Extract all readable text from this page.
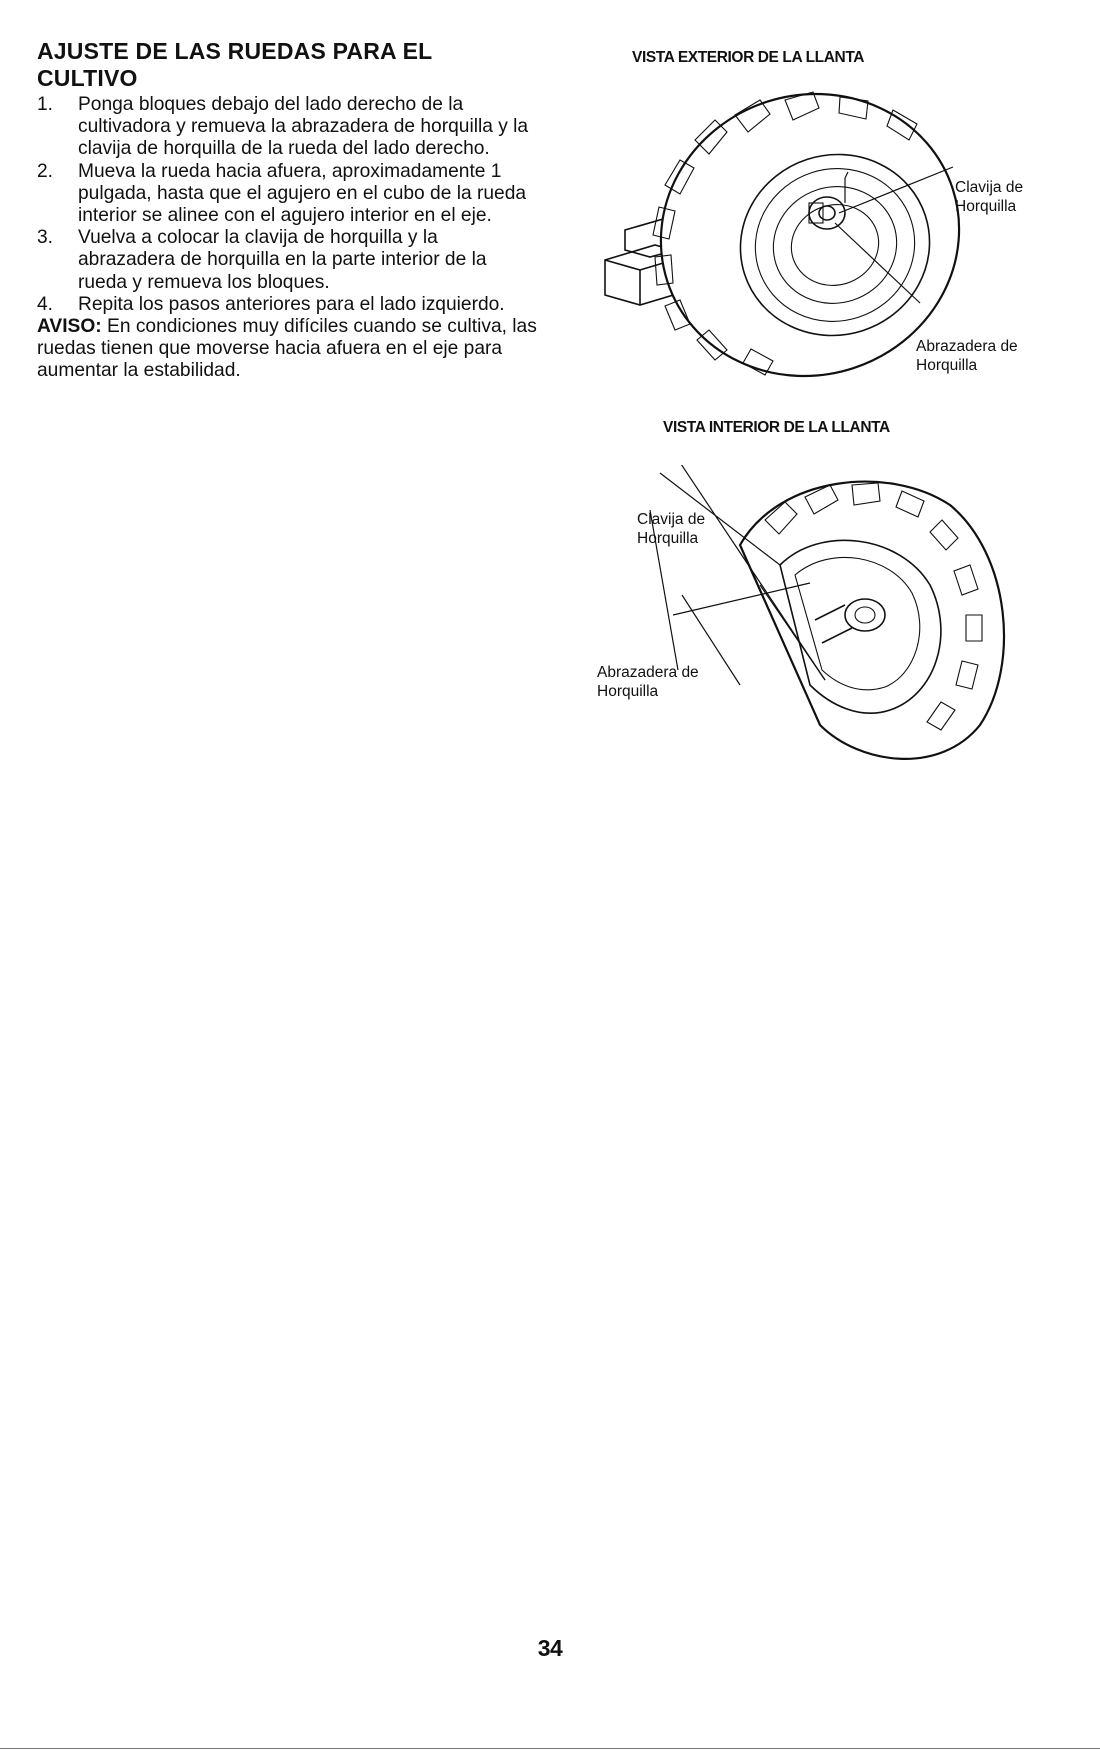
AJUSTE DE LAS RUEDAS PARA EL CULTIVO
1. Ponga bloques debajo del lado derecho de la cultivadora y remueva la abrazadera de horquilla y la clavija de horquilla de la rueda del lado derecho.
2. Mueva la rueda hacia afuera, aproximadamente 1 pulgada, hasta que el agujero en el cubo de la rueda interior se alinee con el agujero interior en el eje.
3. Vuelva a colocar la clavija de horquilla y la abrazadera de horquilla en la parte interior de la rueda y remueva los bloques.
4. Repita los pasos anteriores para el lado izquierdo.

AVISO: En condiciones muy difíciles cuando se cultiva, las ruedas tienen que moverse hacia afuera en el eje para aumentar la estabilidad.

VISTA EXTERIOR DE LA LLANTA
Clavija de
Horquilla
Abrazadera de
Horquilla
VISTA INTERIOR DE LA LLANTA
Clavija de
Horquilla
Abrazadera de
Horquilla
34
